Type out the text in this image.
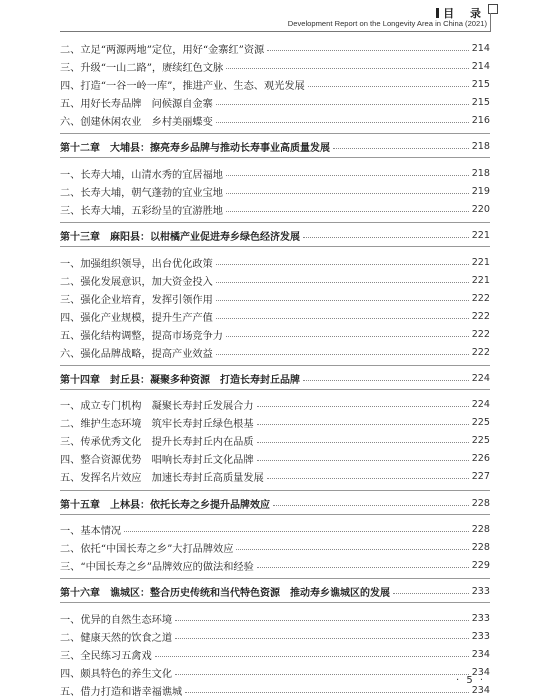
目 录
Development Report on the Longevity Area in China (2021)
二、立足“两源两地”定位，用好“金寨红”资源	214
三、升级“一山二路”，赓续红色文脉	214
四、打造“一谷一岭一库”，推进产业、生态、观光发展	215
五、用好长寿品牌　问候源自金寨	215
六、创建休闲农业　乡村美丽蝶变	216
第十二章　大埔县：擦亮寿乡品牌与推动长寿事业高质量发展	218
一、长寿大埔，山清水秀的宜居福地	218
二、长寿大埔，朝气蓬勃的宜业宝地	219
三、长寿大埔，五彩纷呈的宜游胜地	220
第十三章　麻阳县：以柑橘产业促进寿乡绿色经济发展	221
一、加强组织领导，出台优化政策	221
二、强化发展意识，加大资金投入	221
三、强化企业培育，发挥引领作用	222
四、强化产业规模，提升生产产值	222
五、强化结构调整，提高市场竞争力	222
六、强化品牌战略，提高产业效益	222
第十四章　封丘县：凝聚多种资源　打造长寿封丘品牌	224
一、成立专门机构　凝聚长寿封丘发展合力	224
二、维护生态环境　筑牢长寿封丘绿色根基	225
三、传承优秀文化　提升长寿封丘内在品质	225
四、整合资源优势　唱响长寿封丘文化品牌	226
五、发挥名片效应　加速长寿封丘高质量发展	227
第十五章　上林县：依托长寿之乡提升品牌效应	228
一、基本情况	228
二、依托“中国长寿之乡”大打品牌效应	228
三、“中国长寿之乡”品牌效应的做法和经验	229
第十六章　谯城区：整合历史传统和当代特色资源　推动寿乡谯城区的发展	233
一、优异的自然生态环境	233
二、健康天然的饮食之道	233
三、全民练习五禽戏	234
四、颇具特色的养生文化	234
五、借力打造和谐幸福谯城	234
· 5 ·
